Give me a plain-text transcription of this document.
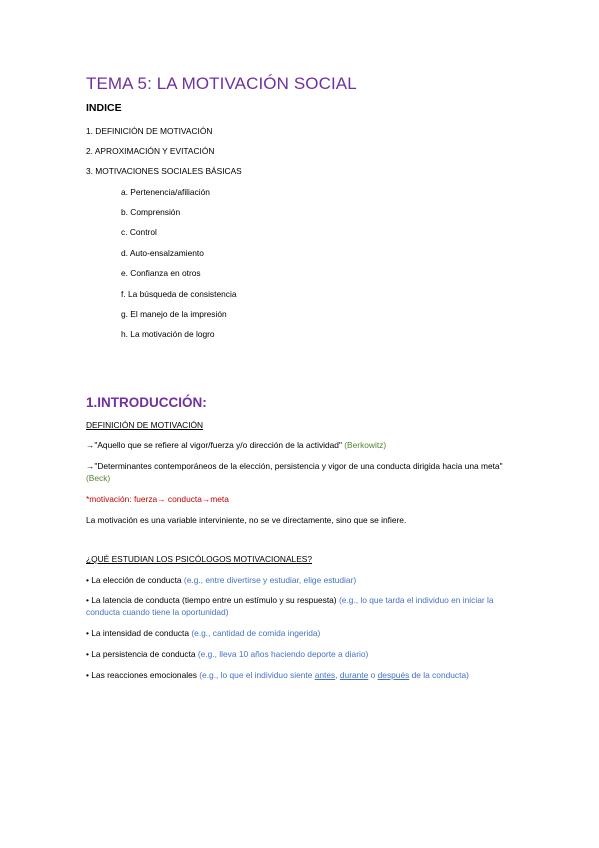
TEMA 5: LA MOTIVACIÓN SOCIAL
INDICE
1. DEFINICIÓN DE MOTIVACIÓN
2. APROXIMACIÓN Y EVITACIÓN
3. MOTIVACIONES SOCIALES BÁSICAS
a. Pertenencia/afiliación
b. Comprensión
c. Control
d. Auto-ensalzamiento
e. Confianza en otros
f. La búsqueda de consistencia
g. El manejo de la impresión
h. La motivación de logro
1.INTRODUCCIÓN:
DEFINICIÓN DE MOTIVACIÓN
→"Aquello que se refiere al vigor/fuerza y/o dirección de la actividad" (Berkowitz)
→"Determinantes contemporáneos de la elección, persistencia y vigor de una conducta dirigida hacia una meta" (Beck)
*motivación: fuerza→ conducta→meta
La motivación es una variable interviniente, no se ve directamente, sino que se infiere.
¿QUÉ ESTUDIAN LOS PSICÓLOGOS MOTIVACIONALES?
• La elección de conducta (e.g., entre divertirse y estudiar, elige estudiar)
• La latencia de conducta (tiempo entre un estímulo y su respuesta) (e.g., lo que tarda el individuo en iniciar la conducta cuando tiene la oportunidad)
• La intensidad de conducta (e.g., cantidad de comida ingerida)
• La persistencia de conducta (e.g., lleva 10 años haciendo deporte a diario)
• Las reacciones emocionales (e.g., lo que el individuo siente antes, durante o después de la conducta)
